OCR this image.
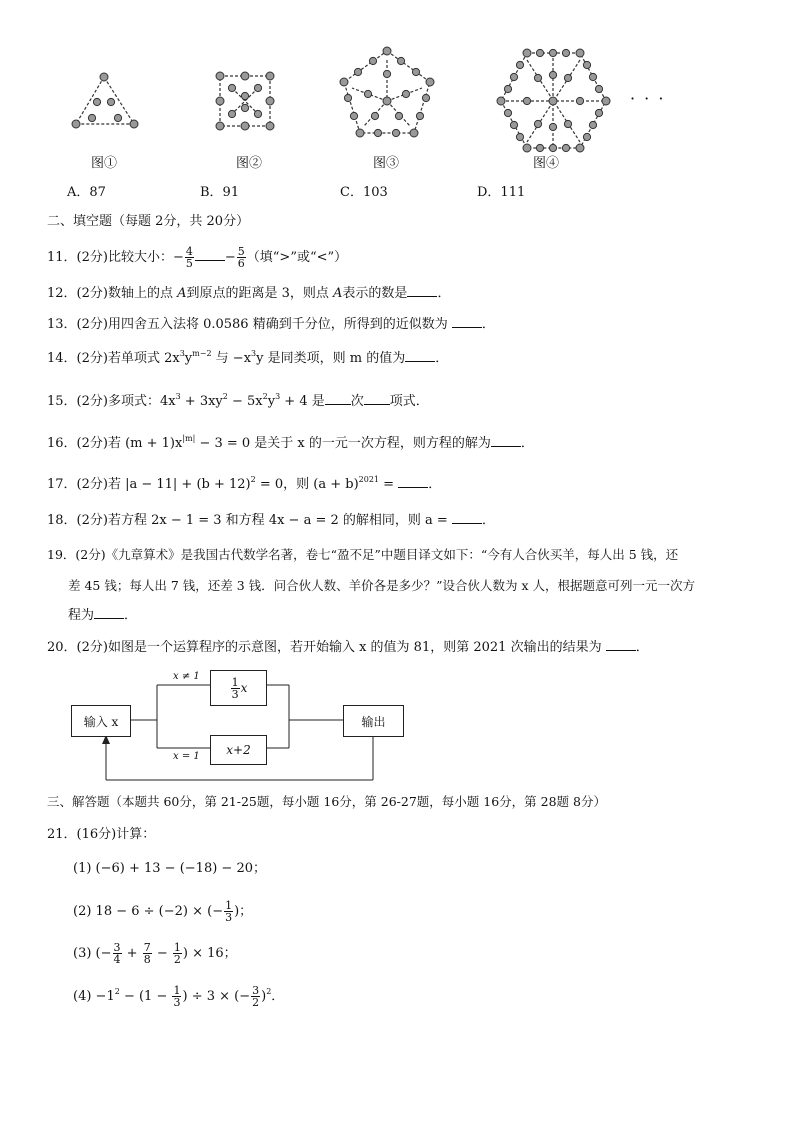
· · ·
图①	图②	图③	图④
A．87	B．91	C．103	D．111
二、填空题（每题 2分，共 20分）
11．(2分)比较大小：− $\frac{4}{5} - \frac{5}{6}$ （填“>”或“<”）
12．(2分)数轴上的点 A到原点的距离是 3，则点 A表示的数是 ．
13．(2分)用四舍五入法将 0.0586 精确到千分位，所得到的近似数为 ．
14．(2分)若单项式 $2x^3y^{m-2}$ 与 $-x^3y$ 是同类项，则 m 的值为 ．
15．(2分)多项式：$4x^3 + 3xy^2 - 5x^2y^3 + 4$ 是 次 项式．
16．(2分)若 $(m + 1)x^{|m|} - 3 = 0$ 是关于 x 的一元一次方程，则方程的解为 ．
17．(2分)若 $|a - 11| + (b + 12)^2 = 0$，则 $(a + b)^{2021}$ = ．
18．(2分)若方程 2x − 1 = 3 和方程 4x − a = 2 的解相同，则 a = ．
19．(2分)《九章算术》是我国古代数学名著，卷七“盈不足”中题目译文如下：“今有人合伙买羊，每人出 5 钱，还
差 45 钱；每人出 7 钱，还差 3 钱．问合伙人数、羊价各是多少？”设合伙人数为 x 人，根据题意可列一元一次方
程为 ．
20．(2分)如图是一个运算程序的示意图，若开始输入 x 的值为 81，则第 2021 次输出的结果为 ．
输入 x	输出
$\frac{1}{3}$ x
x+2
x ≠ 1
x = 1
三、解答题（本题共 60分，第 21-25题，每小题 16分，第 26-27题，每小题 16分，第 28题 8分）
21．(16分)计算：
(1) (−6) + 13 − (−18) − 20；
(2) 18 − 6 ÷ (−2) × (− $\frac{1}{3}$ )；
(3) (− $\frac{3}{4} + \frac{7}{8} - \frac{1}{2}$ ) × 16；
$(4) -1^2 - (1 - \frac{1}{3}$ ) ÷ 3 × (− $\frac{3}{2} )^2$．
